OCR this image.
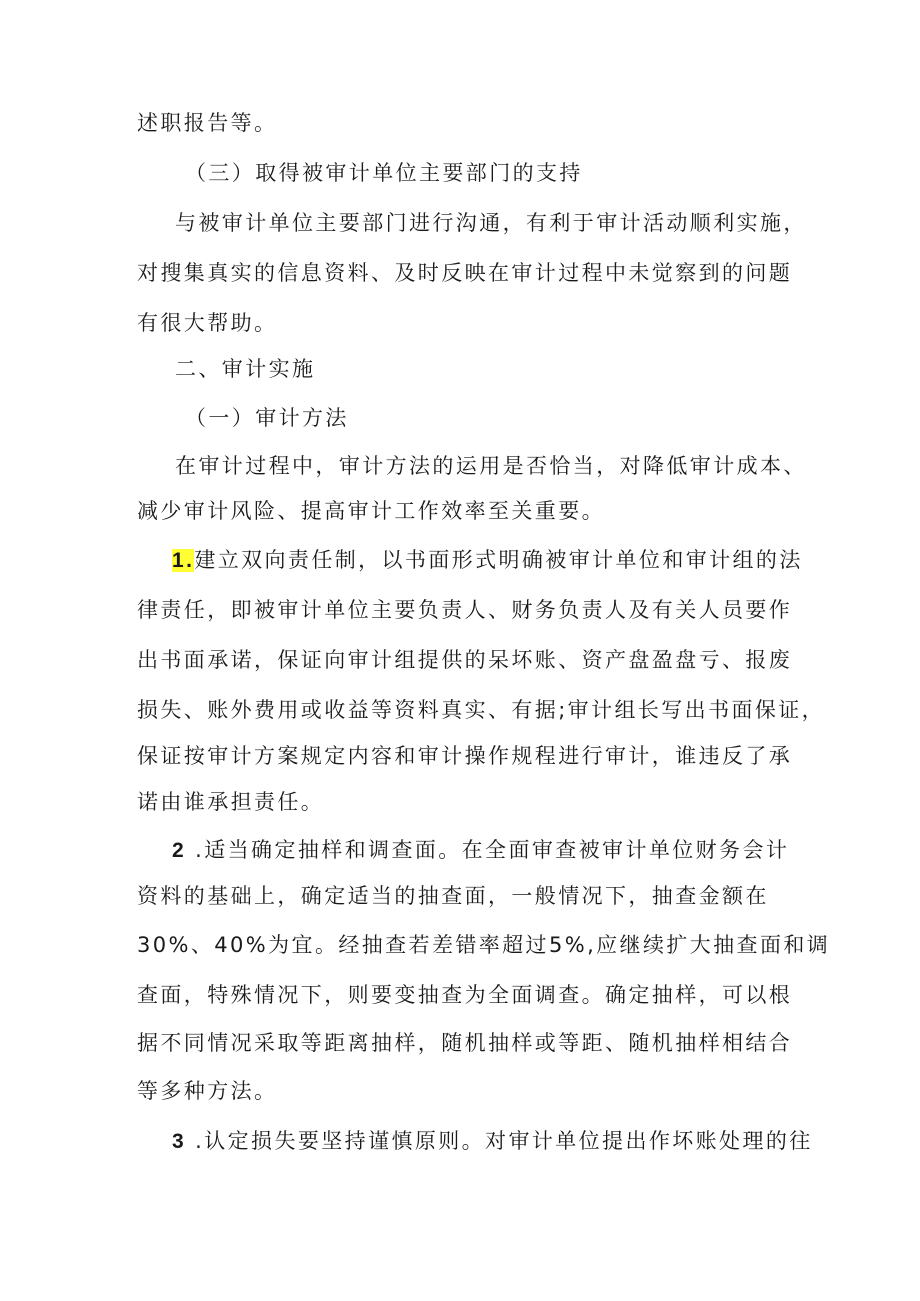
述职报告等。
（三）取得被审计单位主要部门的支持
与被审计单位主要部门进行沟通，有利于审计活动顺利实施，
对搜集真实的信息资料、及时反映在审计过程中未觉察到的问题
有很大帮助。
二、审计实施
（一）审计方法
在审计过程中，审计方法的运用是否恰当，对降低审计成本、
减少审计风险、提高审计工作效率至关重要。
1.建立双向责任制，以书面形式明确被审计单位和审计组的法
律责任，即被审计单位主要负责人、财务负责人及有关人员要作
出书面承诺，保证向审计组提供的呆坏账、资产盘盈盘亏、报废
损失、账外费用或收益等资料真实、有据;审计组长写出书面保证，
保证按审计方案规定内容和审计操作规程进行审计，谁违反了承
诺由谁承担责任。
2 .适当确定抽样和调查面。在全面审查被审计单位财务会计
资料的基础上，确定适当的抽查面，一般情况下，抽查金额在
30%、40%为宜。经抽查若差错率超过5%,应继续扩大抽查面和调
查面，特殊情况下，则要变抽查为全面调查。确定抽样，可以根
据不同情况采取等距离抽样，随机抽样或等距、随机抽样相结合
等多种方法。
3 .认定损失要坚持谨慎原则。对审计单位提出作坏账处理的往
